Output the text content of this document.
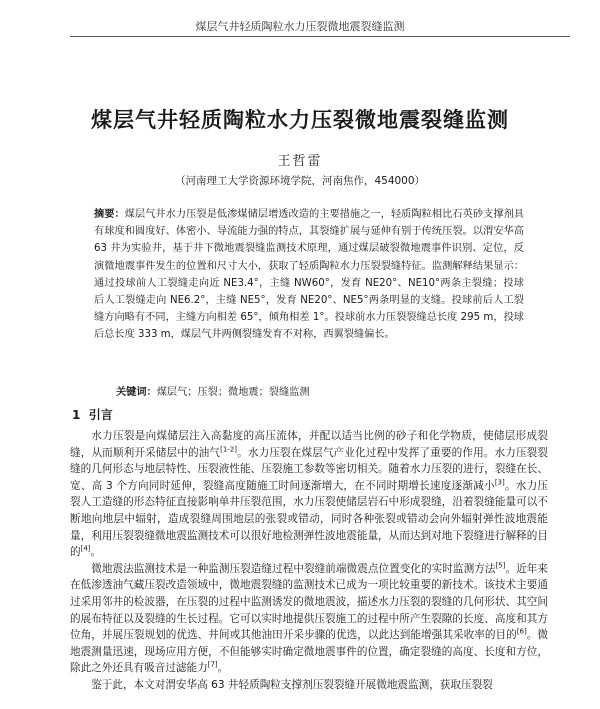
煤层气井轻质陶粒水力压裂微地震裂缝监测
煤层气井轻质陶粒水力压裂微地震裂缝监测
王哲雷
（河南理工大学资源环境学院，河南焦作，454000）
摘要：煤层气井水力压裂是低渗煤储层增透改造的主要措施之一，轻质陶粒相比石英砂支撑剂具有球度和圆度好、体密小、导流能力强的特点，其裂缝扩展与延伸有别于传统压裂。以渭安华高 63 井为实验井，基于井下微地震裂缝监测技术原理，通过煤层破裂微地震事件识别、定位，反演微地震事件发生的位置和尺寸大小，获取了轻质陶粒水力压裂裂缝特征。监测解释结果显示：通过投球前人工裂缝走向近 NE3.4°，主缝 NW60°，发育 NE20°、NE10°两条主裂缝；投球后人工裂缝走向 NE6.2°，主缝 NE5°，发育 NE20°、NE5°两条明显的支缝。投球前后人工裂缝方向略有不同，主缝方向相差 65°，倾角相差 1°。投球前水力压裂裂缝总长度 295 m，投球后总长度 333 m，煤层气井两侧裂缝发育不对称，西翼裂缝偏长。
关键词：煤层气；压裂；微地震；裂缝监测
1 引言

水力压裂是向煤储层注入高黏度的高压流体，并配以适当比例的砂子和化学物质，使储层形成裂缝，从而顺利开采储层中的油气[1-2]。水力压裂在煤层气产业化过程中发挥了重要的作用。水力压裂裂缝的几何形态与地层特性、压裂液性能、压裂施工参数等密切相关。随着水力压裂的进行，裂缝在长、宽、高 3 个方向同时延伸，裂缝高度随施工时间逐渐增大，在不同时期增长速度逐渐减小[3]。水力压裂人工造缝的形态特征直接影响单井压裂范围，水力压裂使储层岩石中形成裂缝，沿着裂缝能量可以不断地向地层中辐射，造成裂缝周围地层的张裂或错动，同时各种张裂或错动会向外辐射弹性波地震能量，利用压裂裂缝微地震监测技术可以很好地检测弹性波地震能量，从而达到对地下裂缝进行解释的目的[4]。

微地震法监测技术是一种监测压裂造缝过程中裂缝前端微震点位置变化的实时监测方法[5]。近年来在低渗透油气藏压裂改造领域中，微地震裂缝的监测技术已成为一项比较重要的新技术。该技术主要通过采用邻井的检波器，在压裂的过程中监测诱发的微地震波，描述水力压裂的裂缝的几何形状、其空间的展布特征以及裂缝的生长过程。它可以实时地提供压裂施工的过程中所产生裂隙的长度、高度和其方位角，并展压裂规划的优选、井间或其他油田开采步骤的优选，以此达到能增强其采收率的目的[6]。微地震测量迅速，现场应用方便，不但能够实时确定微地震事件的位置，确定裂缝的高度、长度和方位，除此之外还具有吸音过滤能力[7]。

鉴于此，本文对渭安华高 63 井轻质陶粒支撑剂压裂裂缝开展微地震监测，获取压裂裂
